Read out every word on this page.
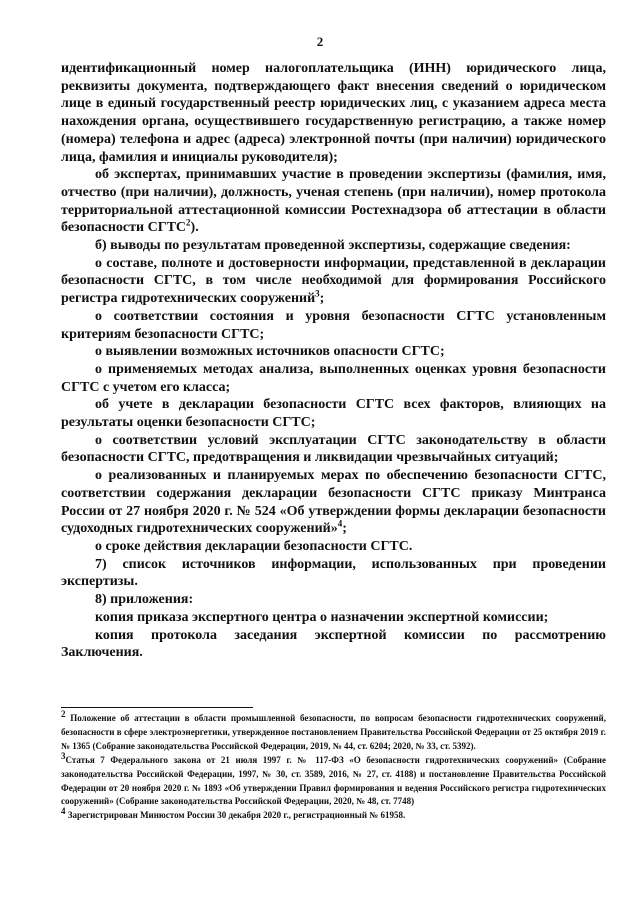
2

идентификационный номер налогоплательщика (ИНН) юридического лица, реквизиты документа, подтверждающего факт внесения сведений о юридическом лице в единый государственный реестр юридических лиц, с указанием адреса места нахождения органа, осуществившего государственную регистрацию, а также номер (номера) телефона и адрес (адреса) электронной почты (при наличии) юридического лица, фамилия и инициалы руководителя);

об экспертах, принимавших участие в проведении экспертизы (фамилия, имя, отчество (при наличии), должность, ученая степень (при наличии), номер протокола территориальной аттестационной комиссии Ростехнадзора об аттестации в области безопасности СГТС$^2$).

б) выводы по результатам проведенной экспертизы, содержащие сведения:

о составе, полноте и достоверности информации, представленной в декларации безопасности СГТС, в том числе необходимой для формирования Российского регистра гидротехнических сооружений$^3$;

о соответствии состояния и уровня безопасности СГТС установленным критериям безопасности СГТС;

о выявлении возможных источников опасности СГТС;

о применяемых методах анализа, выполненных оценках уровня безопасности СГТС с учетом его класса;

об учете в декларации безопасности СГТС всех факторов, влияющих на результаты оценки безопасности СГТС;

о соответствии условий эксплуатации СГТС законодательству в области безопасности СГТС, предотвращения и ликвидации чрезвычайных ситуаций;

о реализованных и планируемых мерах по обеспечению безопасности СГТС, соответствии содержания декларации безопасности СГТС приказу Минтранса России от 27 ноября 2020 г. № 524 «Об утверждении формы декларации безопасности судоходных гидротехнических сооружений»$^4$;

о сроке действия декларации безопасности СГТС.

7) список источников информации, использованных при проведении экспертизы.

8) приложения:

копия приказа экспертного центра о назначении экспертной комиссии;

копия протокола заседания экспертной комиссии по рассмотрению Заключения.

$^2$ Положение об аттестации в области промышленной безопасности, по вопросам безопасности гидротехнических сооружений, безопасности в сфере электроэнергетики, утвержденное постановлением Правительства Российской Федерации от 25 октября 2019 г. № 1365 (Собрание законодательства Российской Федерации, 2019, № 44, ст. 6204; 2020, № 33, ст. 5392).

$^3$Статья 7 Федерального закона от 21 июля 1997 г. № 117-ФЗ «О безопасности гидротехнических сооружений» (Собрание законодательства Российской Федерации, 1997, № 30, ст. 3589, 2016, № 27, ст. 4188) и постановление Правительства Российской Федерации от 20 ноября 2020 г. № 1893 «Об утверждении Правил формирования и ведения Российского регистра гидротехнических сооружений» (Собрание законодательства Российской Федерации, 2020, № 48, ст. 7748)

$^4$ Зарегистрирован Минюстом России 30 декабря 2020 г., регистрационный № 61958.
